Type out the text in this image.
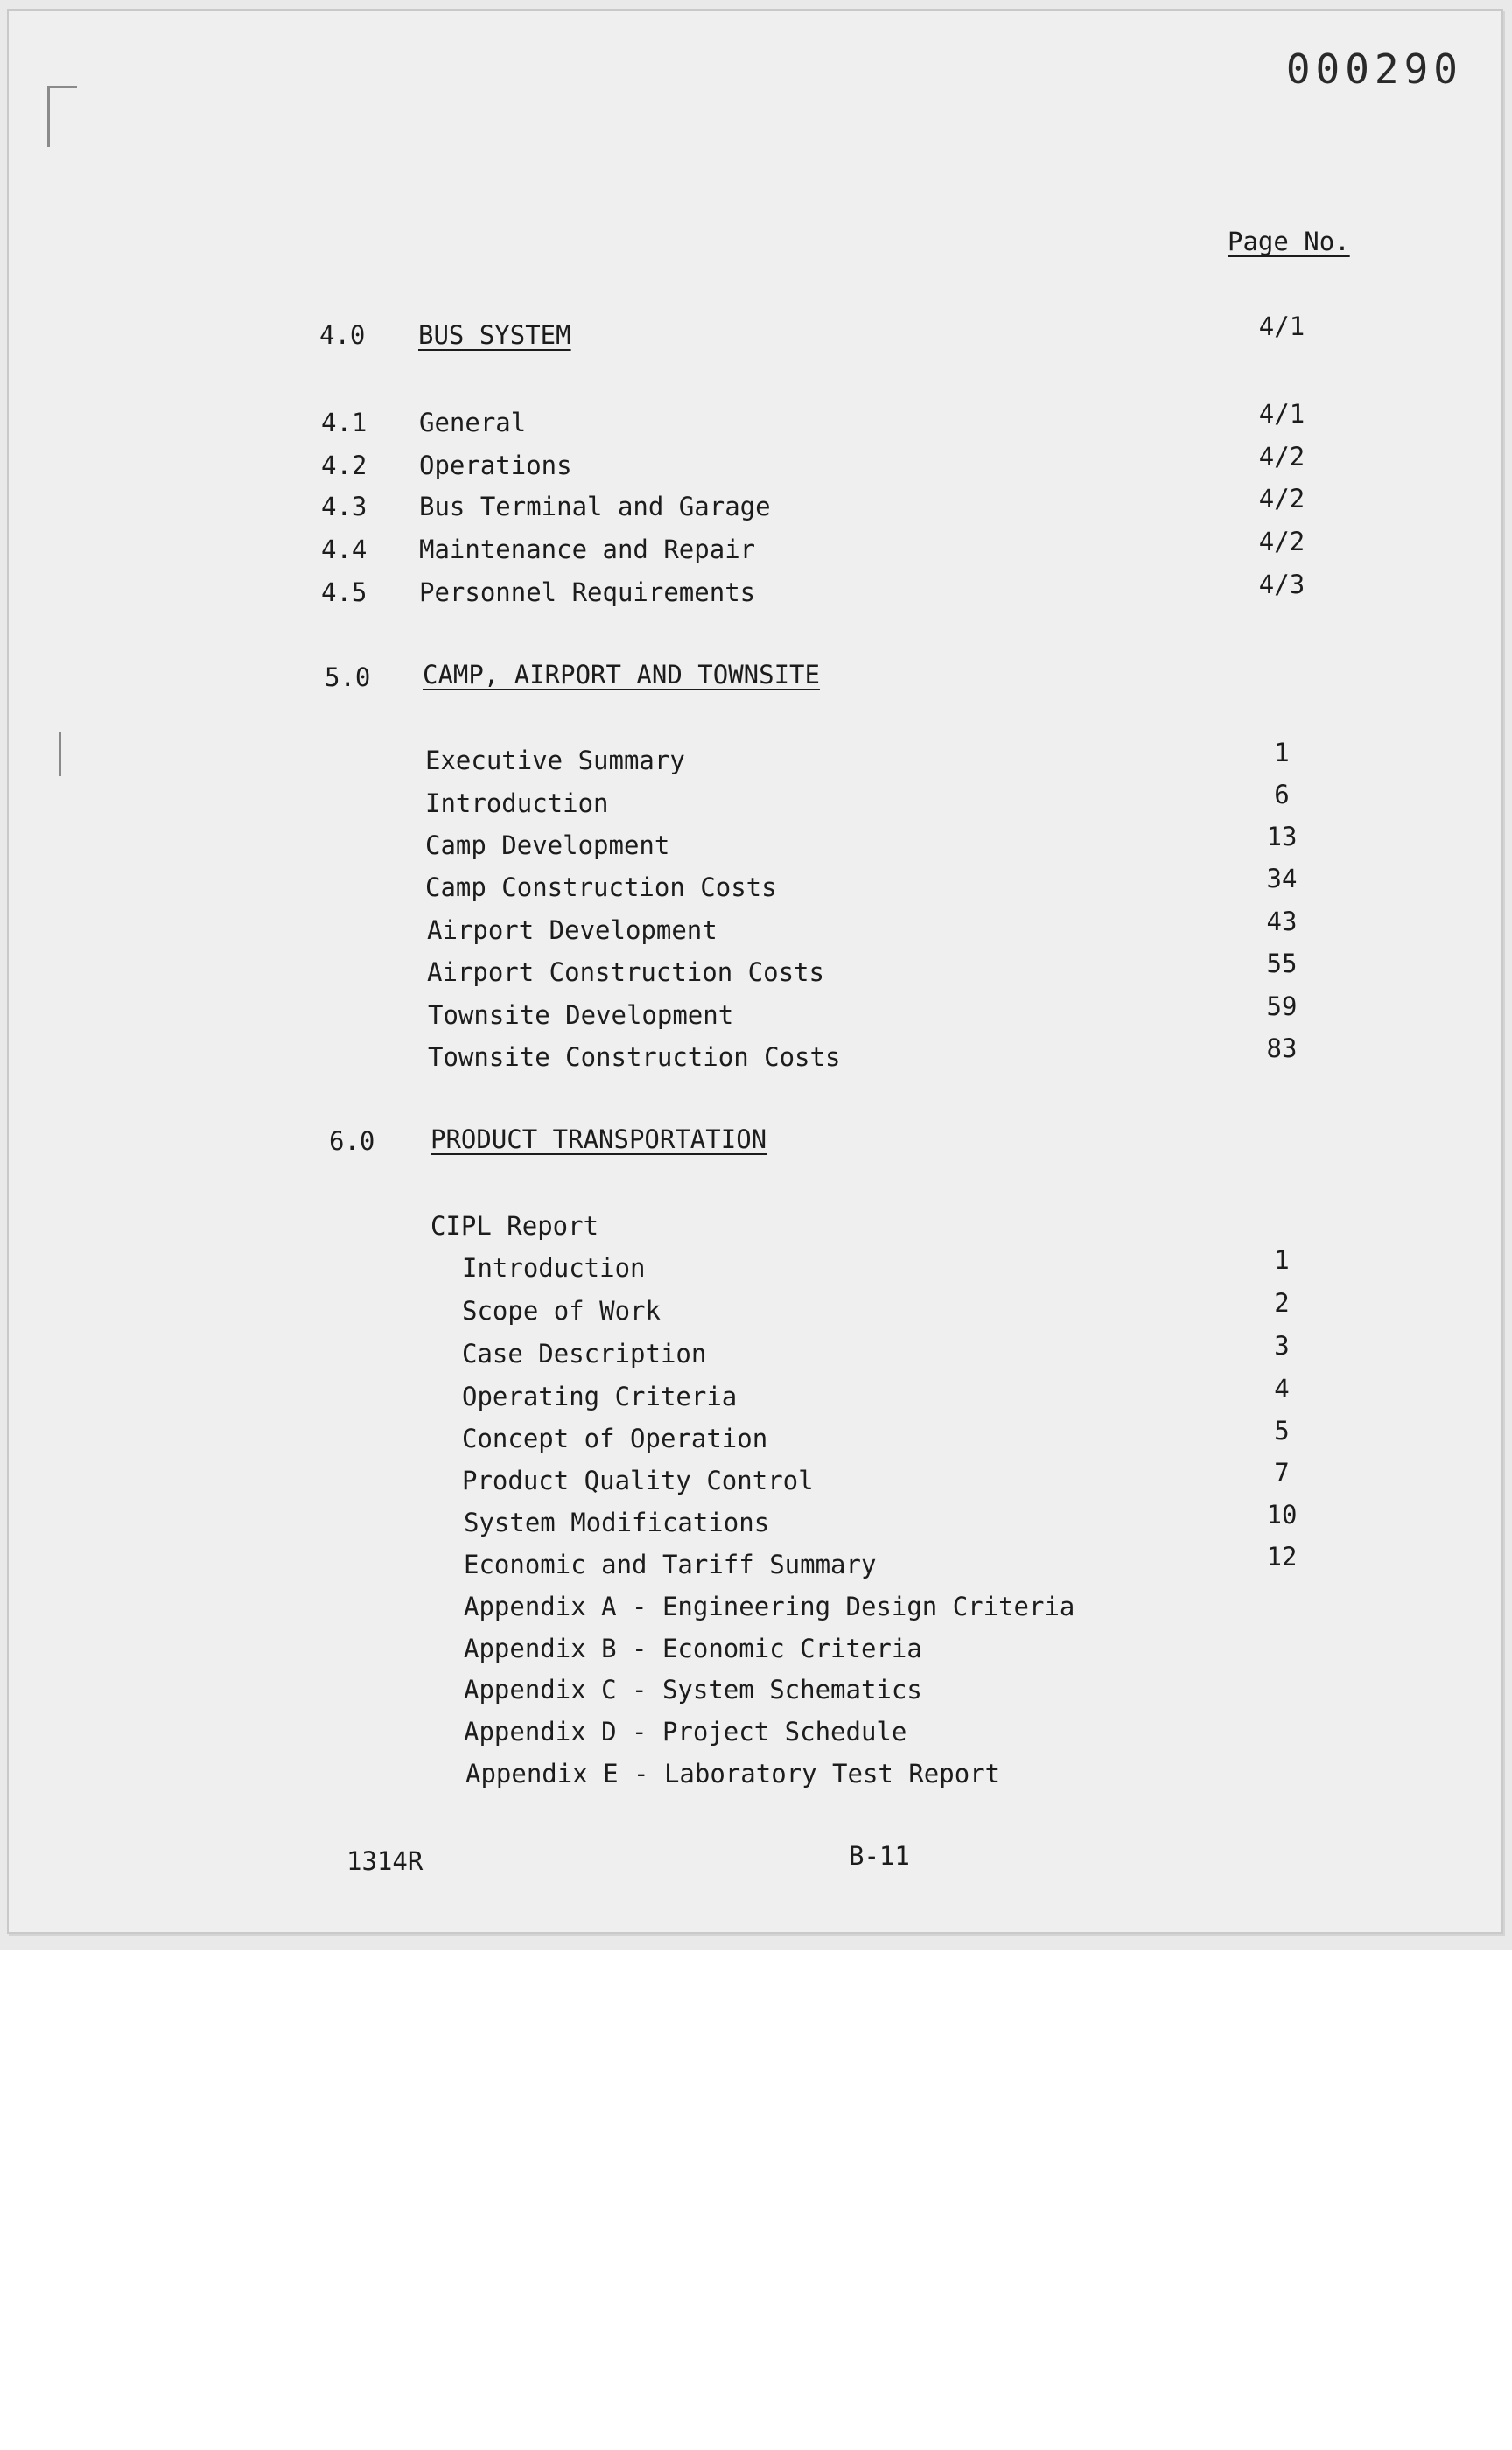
000290
Page No.
4.0 BUS SYSTEM	4/1
4.1 General	4/1
4.2 Operations	4/2
4.3 Bus Terminal and Garage	4/2
4.4 Maintenance and Repair	4/2
4.5 Personnel Requirements	4/3
5.0 CAMP, AIRPORT AND TOWNSITE
Executive Summary	1
Introduction	6
Camp Development	13
Camp Construction Costs	34
Airport Development	43
Airport Construction Costs	55
Townsite Development	59
Townsite Construction Costs	83
6.0 PRODUCT TRANSPORTATION
CIPL Report
Introduction	1
Scope of Work	2
Case Description	3
Operating Criteria	4
Concept of Operation	5
Product Quality Control	7
System Modifications	10
Economic and Tariff Summary	12
Appendix A - Engineering Design Criteria
Appendix B - Economic Criteria
Appendix C - System Schematics
Appendix D - Project Schedule
Appendix E - Laboratory Test Report
1314R	B-11
